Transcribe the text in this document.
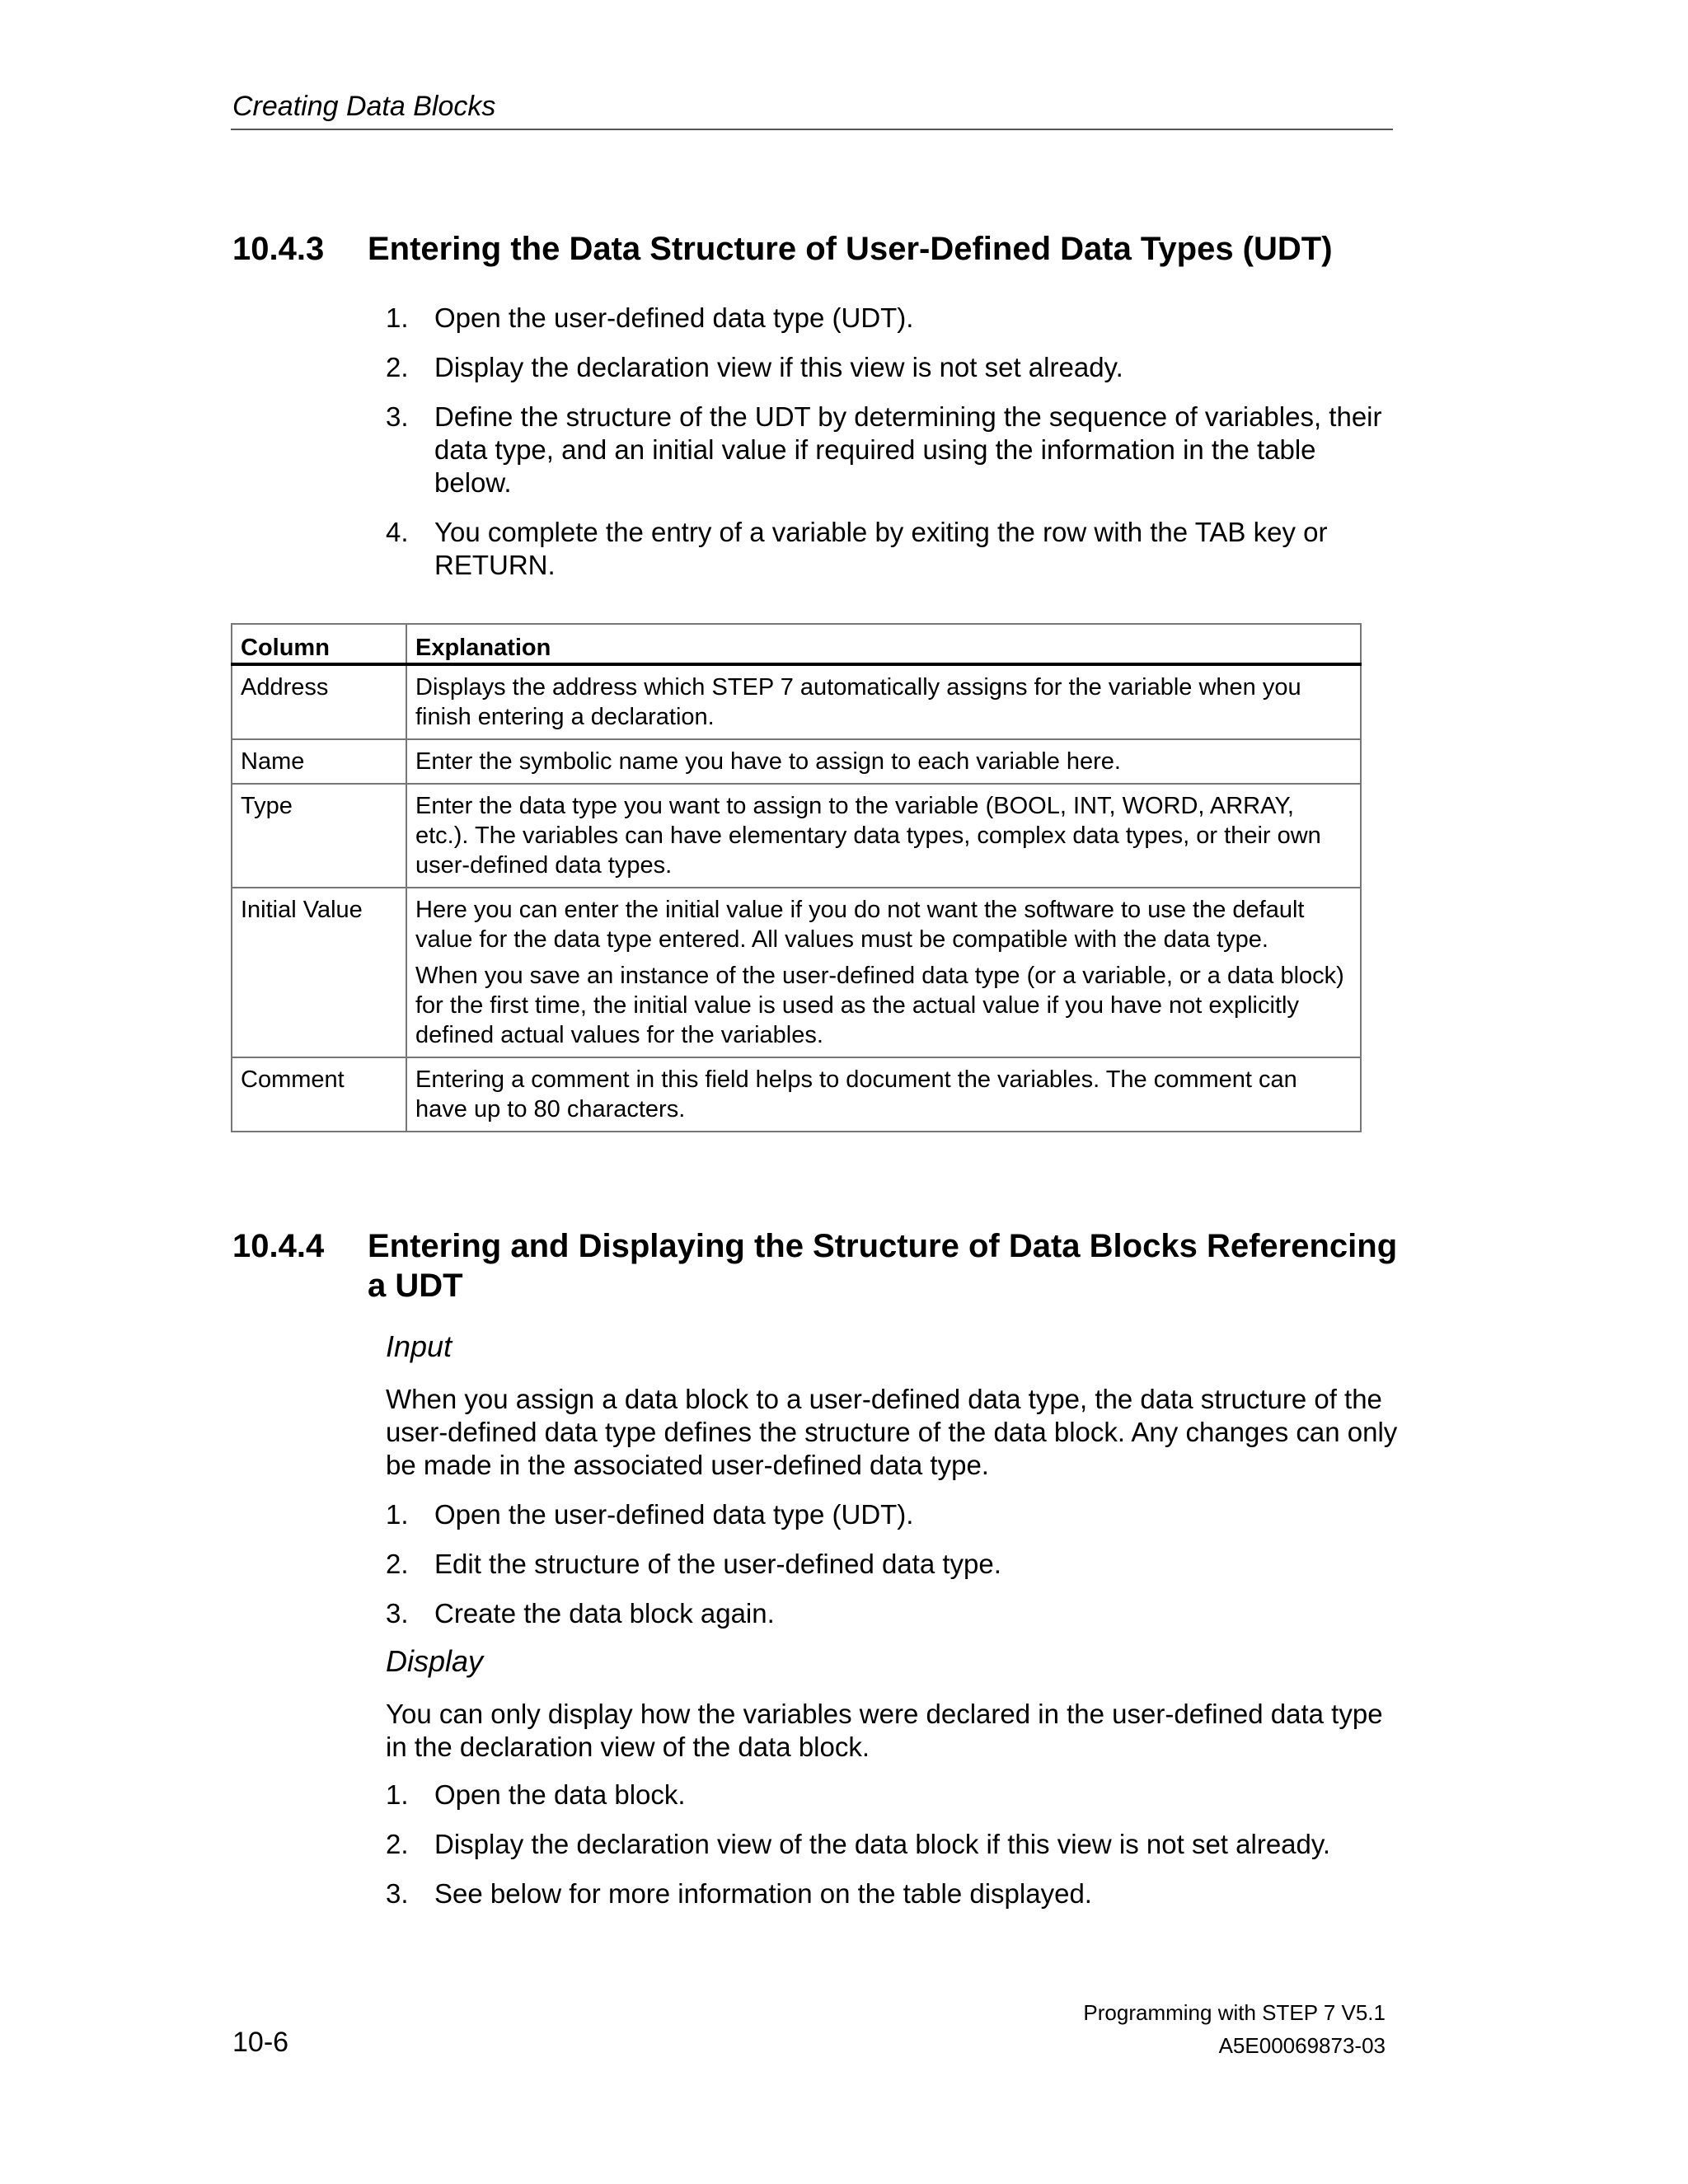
Creating Data Blocks
10.4.3 Entering the Data Structure of User-Defined Data Types (UDT)
1. Open the user-defined data type (UDT).
2. Display the declaration view if this view is not set already.
3. Define the structure of the UDT by determining the sequence of variables, their data type, and an initial value if required using the information in the table below.
4. You complete the entry of a variable by exiting the row with the TAB key or RETURN.
Column	Explanation
Address	Displays the address which STEP 7 automatically assigns for the variable when you finish entering a declaration.

Name	Enter the symbolic name you have to assign to each variable here.

Type	Enter the data type you want to assign to the variable (BOOL, INT, WORD, ARRAY, etc.). The variables can have elementary data types, complex data types, or their own user-defined data types.

Initial Value	Here you can enter the initial value if you do not want the software to use the default value for the data type entered. All values must be compatible with the data type.

When you save an instance of the user-defined data type (or a variable, or a data block) for the first time, the initial value is used as the actual value if you have not explicitly defined actual values for the variables.

Comment	Entering a comment in this field helps to document the variables. The comment can have up to 80 characters.

10.4.4 Entering and Displaying the Structure of Data Blocks Referencing a UDT
Input
When you assign a data block to a user-defined data type, the data structure of the user-defined data type defines the structure of the data block. Any changes can only be made in the associated user-defined data type.
1. Open the user-defined data type (UDT).
2. Edit the structure of the user-defined data type.
3. Create the data block again.
Display
You can only display how the variables were declared in the user-defined data type in the declaration view of the data block.
1. Open the data block.
2. Display the declaration view of the data block if this view is not set already.
3. See below for more information on the table displayed.
10-6
Programming with STEP 7 V5.1
A5E00069873-03
